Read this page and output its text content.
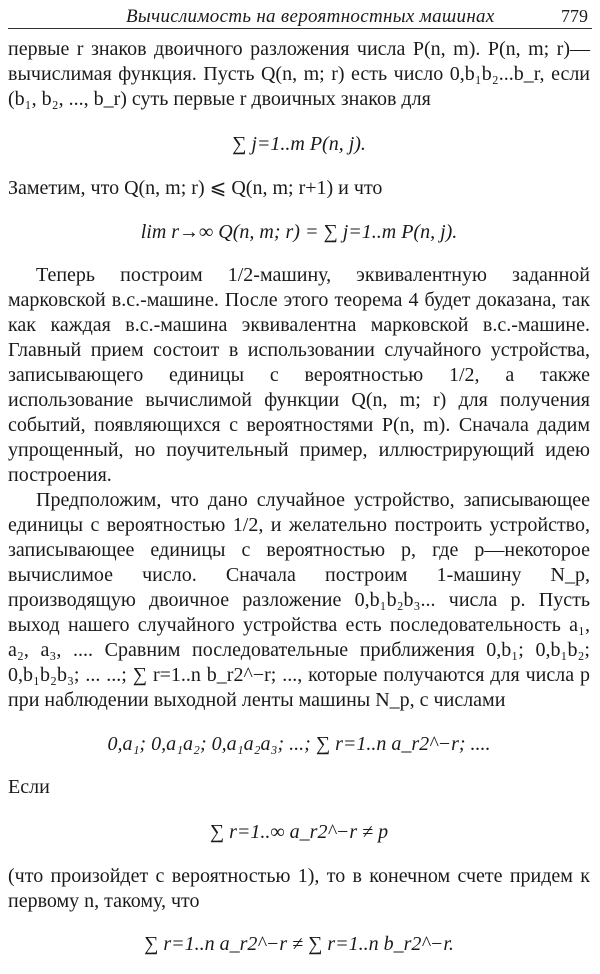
Вычислимость на вероятностных машинах	779

первые r знаков двоичного разложения числа P(n, m). P(n, m; r)— вычислимая функция. Пусть Q(n, m; r) есть число 0,b₁b₂...b_r, если (b₁, b₂, ..., b_r) суть первые r двоичных знаков для

∑ j=1..m P(n, j).

Заметим, что Q(n, m; r) ⩽ Q(n, m; r+1) и что

lim r→∞ Q(n, m; r) = ∑ j=1..m P(n, j).

Теперь построим 1/2-машину, эквивалентную заданной марковской в.с.-машине. После этого теорема 4 будет доказана, так как каждая в.с.-машина эквивалентна марковской в.с.-машине. Главный прием состоит в использовании случайного устройства, записывающего единицы с вероятностью 1/2, а также использование вычислимой функции Q(n, m; r) для получения событий, появляющихся с вероятностями P(n, m). Сначала дадим упрощенный, но поучительный пример, иллюстрирующий идею построения.

Предположим, что дано случайное устройство, записывающее единицы с вероятностью 1/2, и желательно построить устройство, записывающее единицы с вероятностью p, где p—некоторое вычислимое число. Сначала построим 1-машину N_p, производящую двоичное разложение 0,b₁b₂b₃... числа p. Пусть выход нашего случайного устройства есть последовательность a₁, a₂, a₃, .... Сравним последовательные приближения 0,b₁; 0,b₁b₂; 0,b₁b₂b₃; ... ...; ∑ r=1..n b_r2^−r; ..., которые получаются для числа p при наблюдении выходной ленты машины N_p, с числами

0,a₁; 0,a₁a₂; 0,a₁a₂a₃; ...; ∑ r=1..n a_r2^−r; ....

Если

∑ r=1..∞ a_r2^−r ≠ p

(что произойдет с вероятностью 1), то в конечном счете придем к первому n, такому, что

∑ r=1..n a_r2^−r ≠ ∑ r=1..n b_r2^−r.
